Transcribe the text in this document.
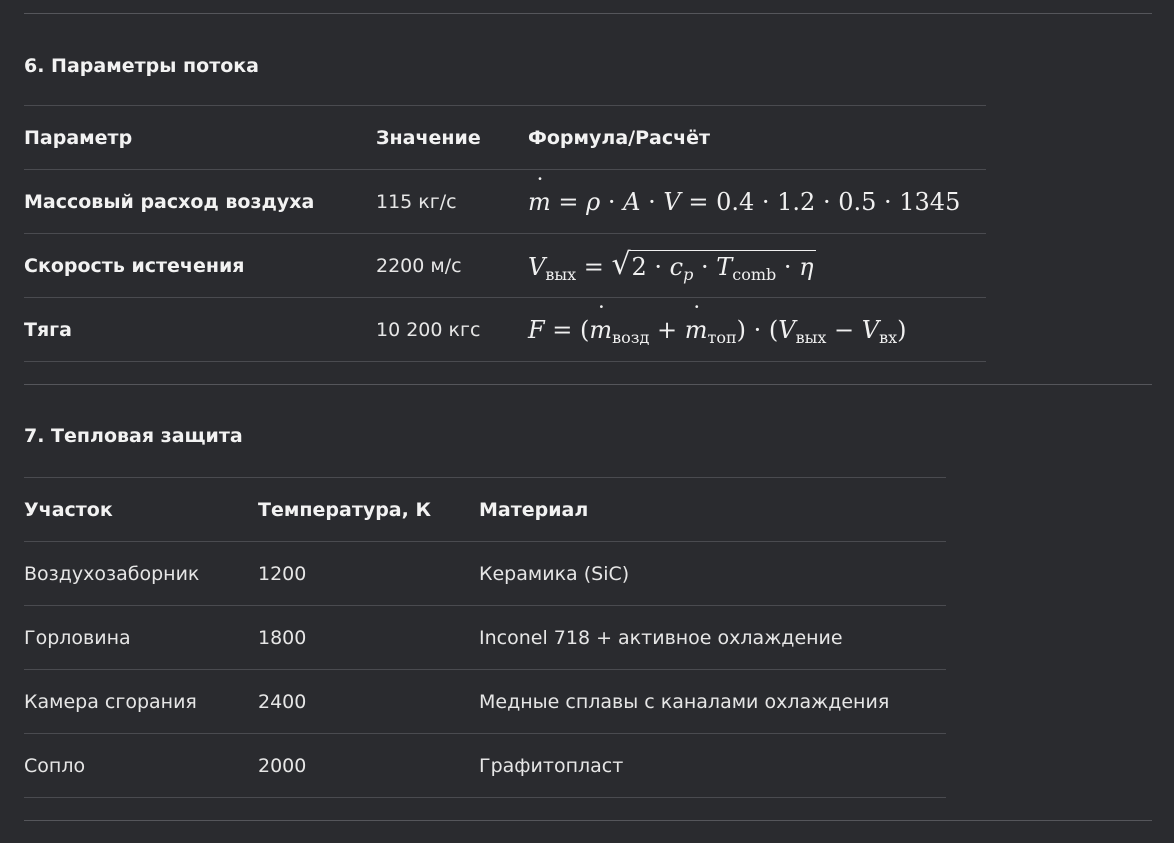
6. Параметры потока
Параметр	Значение	Формула/Расчёт
Массовый расход воздуха	115 кг/с	˙ m = ρ · A · V = 0.4 · 1.2 · 0.5 · 1345
Скорость истечения	2200 м/с	$V_{вых}$ = √ $2 \cdot c_p \cdot T_{comb} \cdot \eta$
Тяга	10 200 кгс	F = (˙ $m_{возд}$ + ˙ $m_{топ}) \cdot (V_{вых} - V_{вх})$
7. Тепловая защита
Участок	Температура, К	Материал
Воздухозаборник	1200	Керамика (SiC)
Горловина	1800	Inconel 718 + активное охлаждение
Камера сгорания	2400	Медные сплавы с каналами охлаждения
Сопло	2000	Графитопласт
